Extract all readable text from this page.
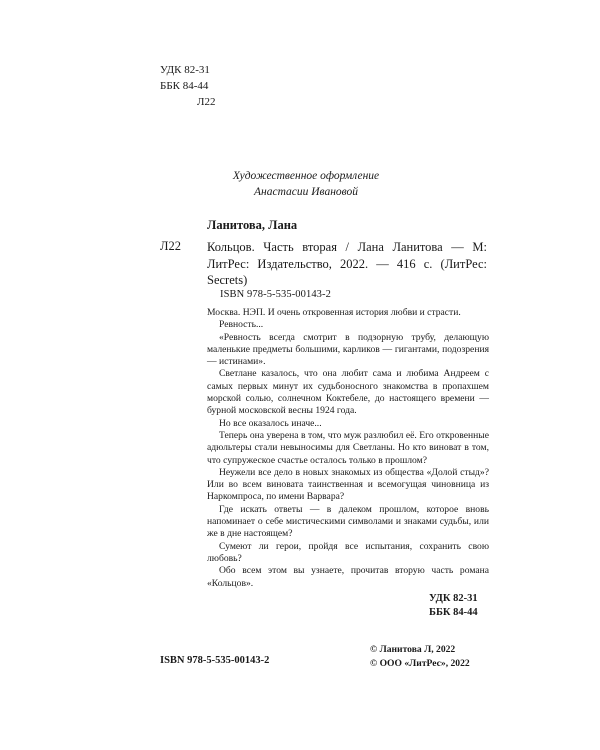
УДК 82-31
ББК 84-44
Л22
Художественное оформление
Анастасии Ивановой
Ланитова, Лана
Л22 Кольцов. Часть вторая / Лана Ланитова — М: ЛитРес: Издательство, 2022. — 416 с. (ЛитРес: Secrets)
ISBN 978-5-535-00143-2

Москва. НЭП. И очень откровенная история любви и страсти.

Ревность...

«Ревность всегда смотрит в подзорную трубу, делающую маленькие предметы большими, карликов — гигантами, подозрения — истинами».

Светлане казалось, что она любит сама и любима Андреем с самых первых минут их судьбоносного знакомства в пропахшем морской солью, солнечном Коктебеле, до настоящего времени — бурной московской весны 1924 года.

Но все оказалось иначе...

Теперь она уверена в том, что муж разлюбил её. Его откровенные адюльтеры стали невыносимы для Светланы. Но кто виноват в том, что супружеское счастье осталось только в прошлом?

Неужели все дело в новых знакомых из общества «Долой стыд»? Или во всем виновата таинственная и всемогущая чиновница из Наркомпроса, по имени Варвара?

Где искать ответы — в далеком прошлом, которое вновь напоминает о себе мистическими символами и знаками судьбы, или же в дне настоящем?

Сумеют ли герои, пройдя все испытания, сохранить свою любовь?

Обо всем этом вы узнаете, прочитав вторую часть романа «Кольцов».

УДК 82-31
ББК 84-44
ISBN 978-5-535-00143-2
© Ланитова Л, 2022
© ООО «ЛитРес», 2022
